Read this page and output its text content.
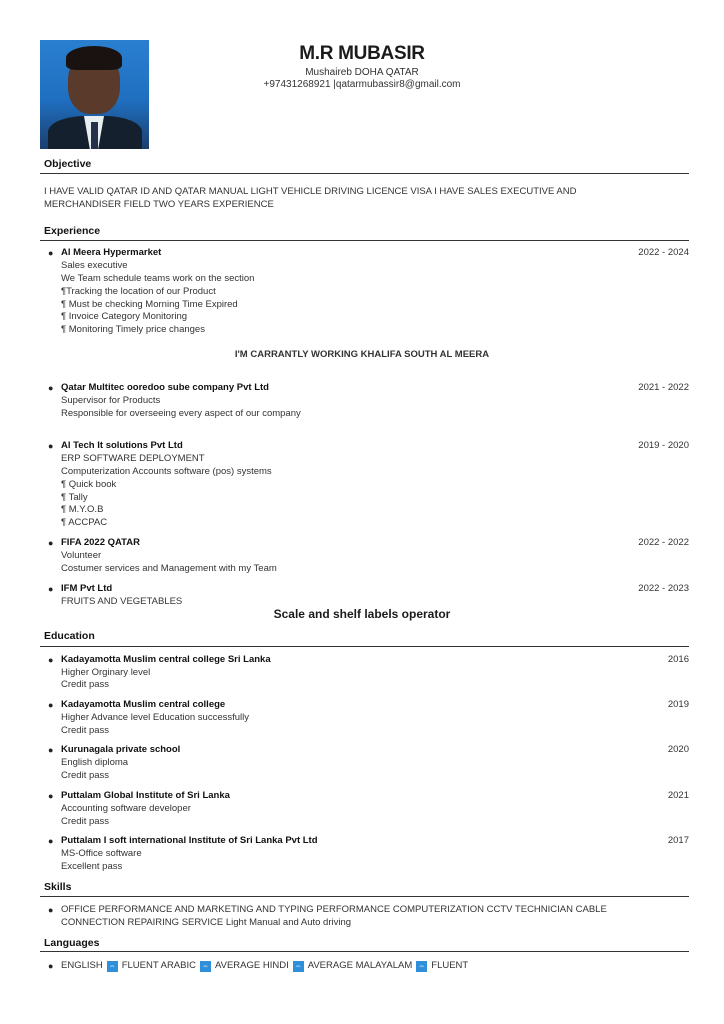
M.R MUBASIR
Mushaireb DOHA QATAR
+97431268921 |qatarmubassir8@gmail.com
Objective
I HAVE VALID QATAR ID AND QATAR MANUAL LIGHT VEHICLE DRIVING LICENCE VISA I HAVE SALES EXECUTIVE AND
MERCHANDISER FIELD TWO YEARS EXPERIENCE
Experience
● Al Meera Hypermarket	2022 - 2024
Sales executive
We Team schedule teams work on the section
¶Tracking the location of our Product
¶ Must be checking Morning Time Expired
¶ Invoice Category Monitoring
¶ Monitoring Timely price changes
I'M CARRANTLY WORKING KHALIFA SOUTH AL MEERA
● Qatar Multitec ooredoo sube company Pvt Ltd	2021 - 2022
Supervisor for Products
Responsible for overseeing every aspect of our company
● Al Tech It solutions Pvt Ltd	2019 - 2020
ERP SOFTWARE DEPLOYMENT
Computerization Accounts software (pos) systems
¶ Quick book
¶ Tally
¶ M.Y.O.B
¶ ACCPAC
● FIFA 2022 QATAR	2022 - 2022
Volunteer
Costumer services and Management with my Team
● IFM Pvt Ltd	2022 - 2023
FRUITS AND VEGETABLES
Scale and shelf labels operator
Education
● Kadayamotta Muslim central college Sri Lanka	2016
Higher Orginary level
Credit pass
● Kadayamotta Muslim central college	2019
Higher Advance level Education successfully
Credit pass
● Kurunagala private school	2020
English diploma
Credit pass
● Puttalam Global Institute of Sri Lanka	2021
Accounting software developer
Credit pass
● Puttalam I soft international Institute of Sri Lanka Pvt Ltd	2017
MS-Office software
Excellent pass
Skills
● OFFICE PERFORMANCE AND MARKETING AND TYPING PERFORMANCE COMPUTERIZATION CCTV TECHNICIAN CABLE
CONNECTION REPAIRING SERVICE Light Manual and Auto driving
Languages
● ENGLISH ⇔ FLUENT ARABIC ⇔ AVERAGE HINDI ⇔ AVERAGE MALAYALAM ⇔ FLUENT
